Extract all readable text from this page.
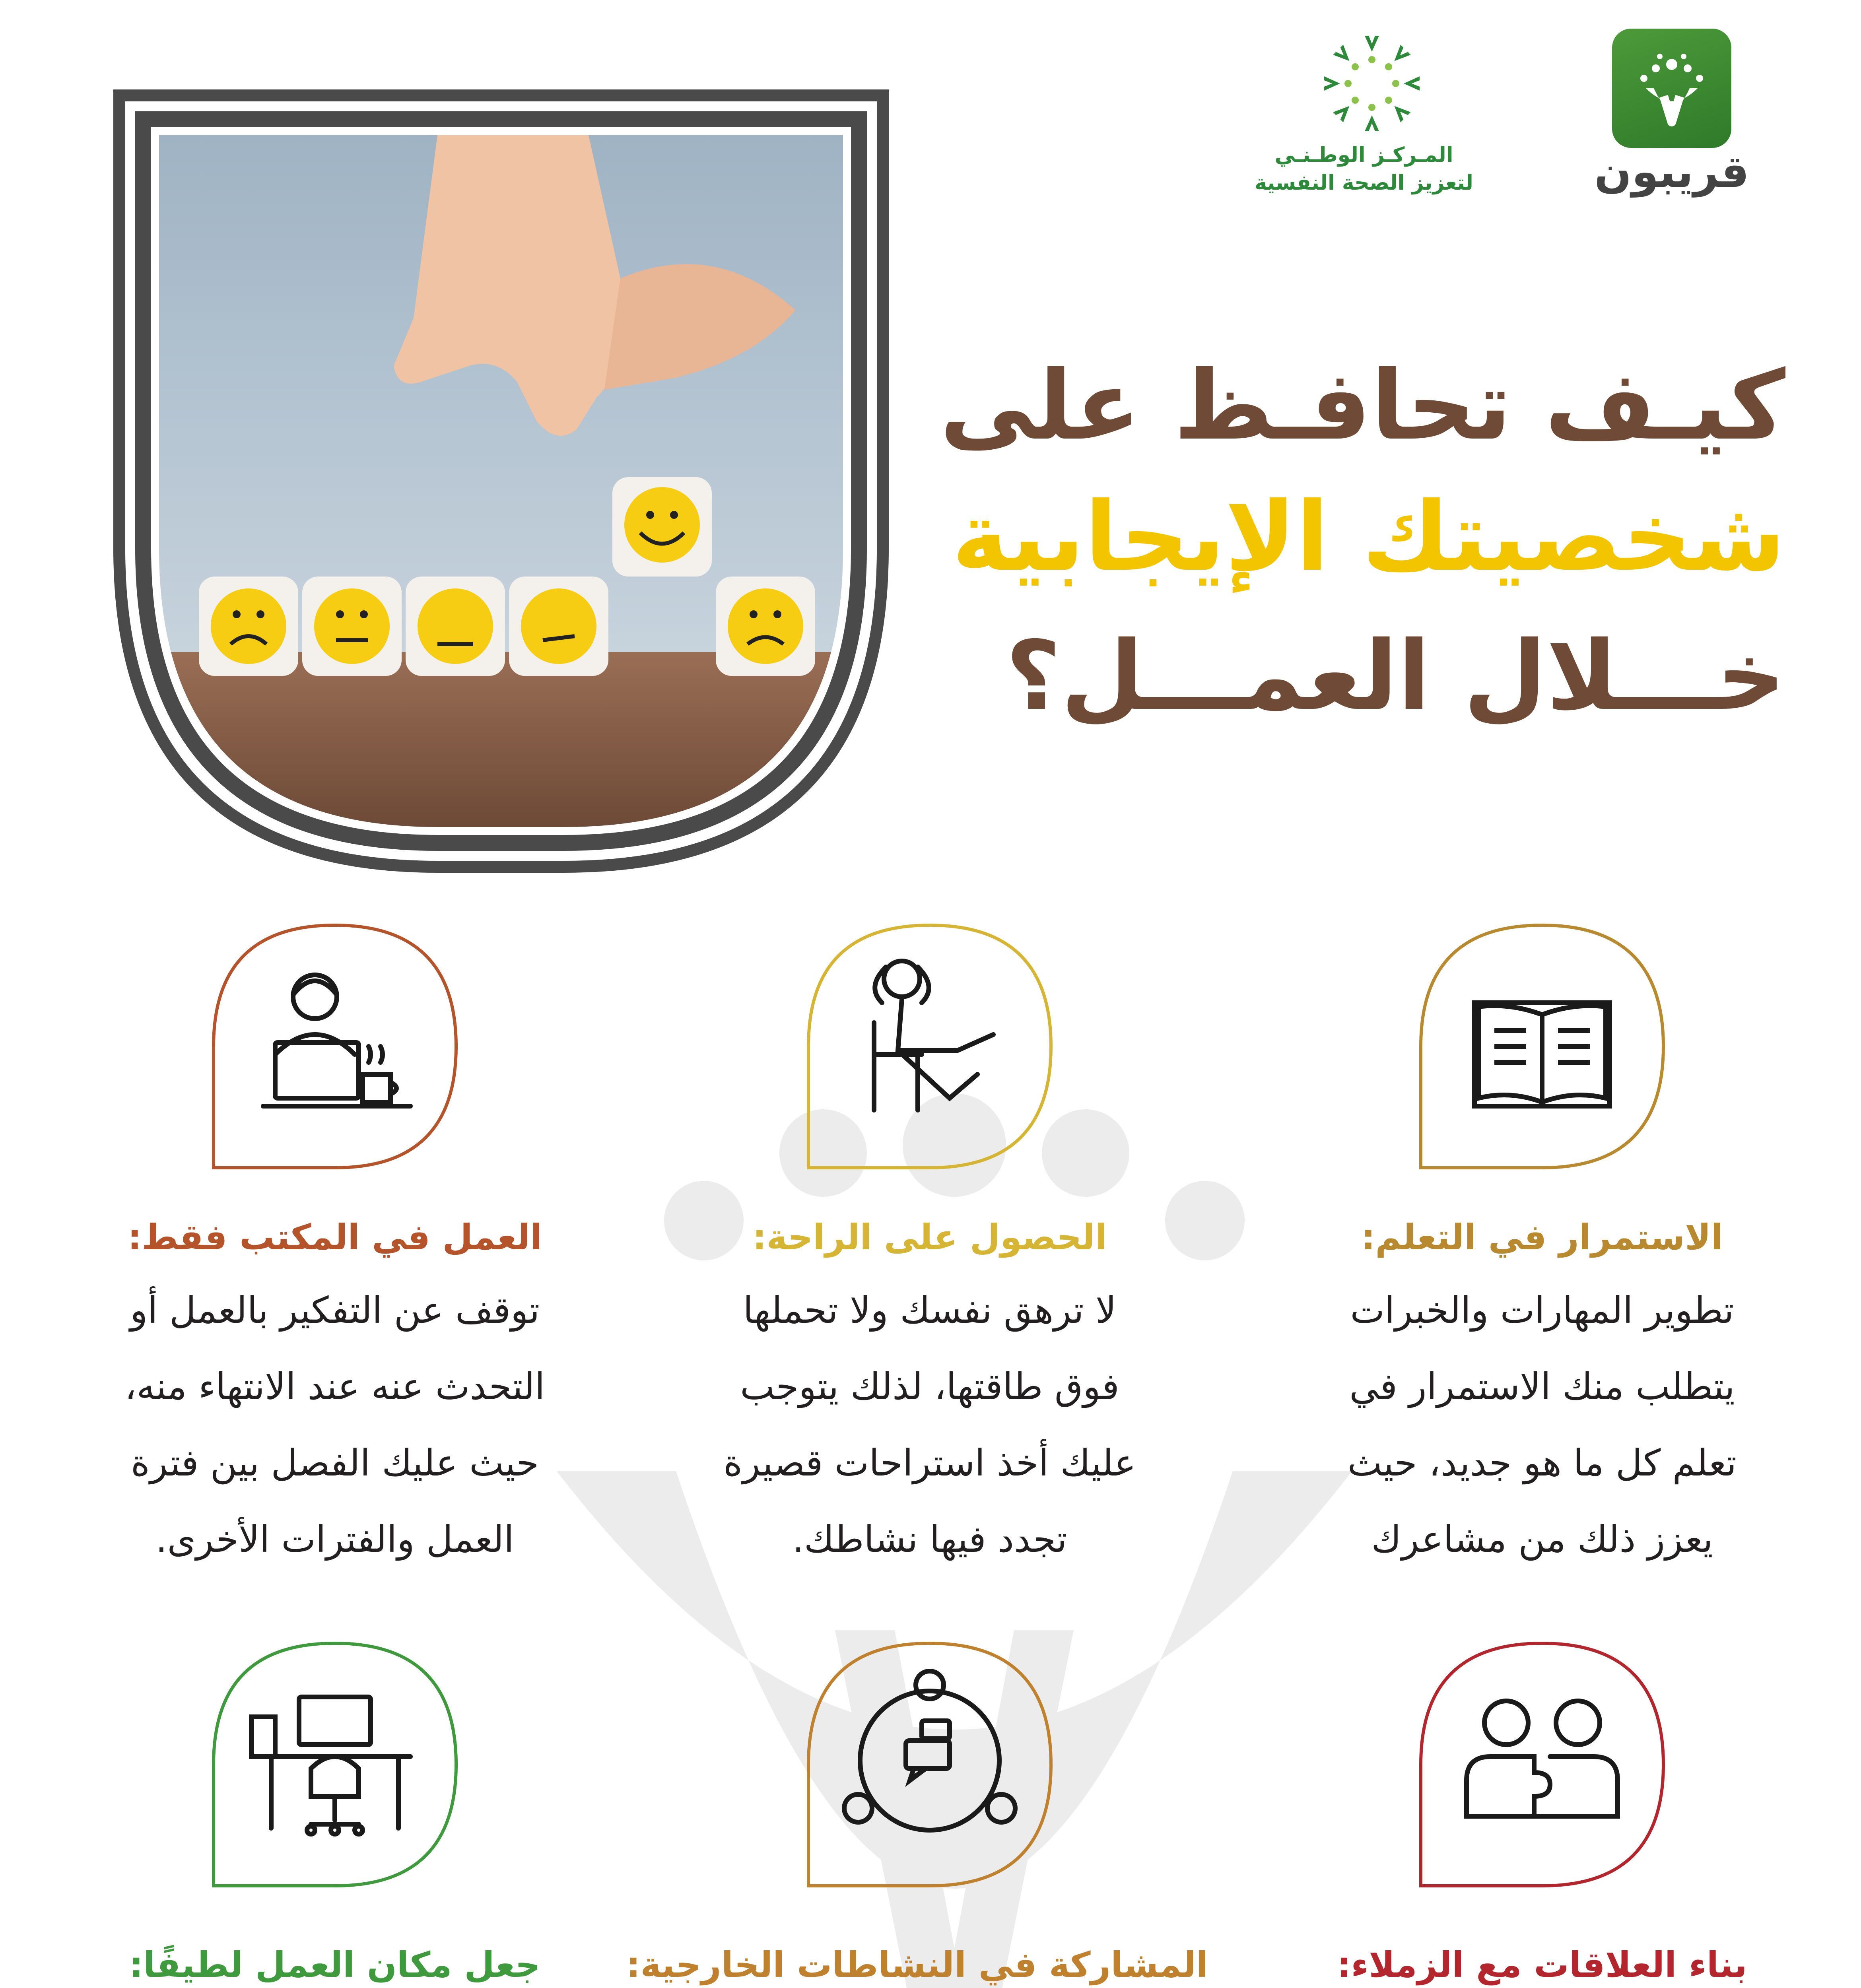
قريبون
المـركـز الوطـنـي
لتعزيز الصحة النفسية
كيـف تحافـظ على
شخصيتك الإيجابية
خـــلال العمـــل؟
الاستمرار في التعلم:
تطوير المهارات والخبرات
يتطلب منك الاستمرار في
تعلم كل ما هو جديد، حيث
يعزز ذلك من مشاعرك
الحصول على الراحة:
لا ترهق نفسك ولا تحملها
فوق طاقتها، لذلك يتوجب
عليك أخذ استراحات قصيرة
تجدد فيها نشاطك.
العمل في المكتب فقط:
توقف عن التفكير بالعمل أو
التحدث عنه عند الانتهاء منه،
حيث عليك الفصل بين فترة
العمل والفترات الأخرى.
بناء العلاقات مع الزملاء:
المشاركة في النشاطات الخارجية:
جعل مكان العمل لطيفًا:
